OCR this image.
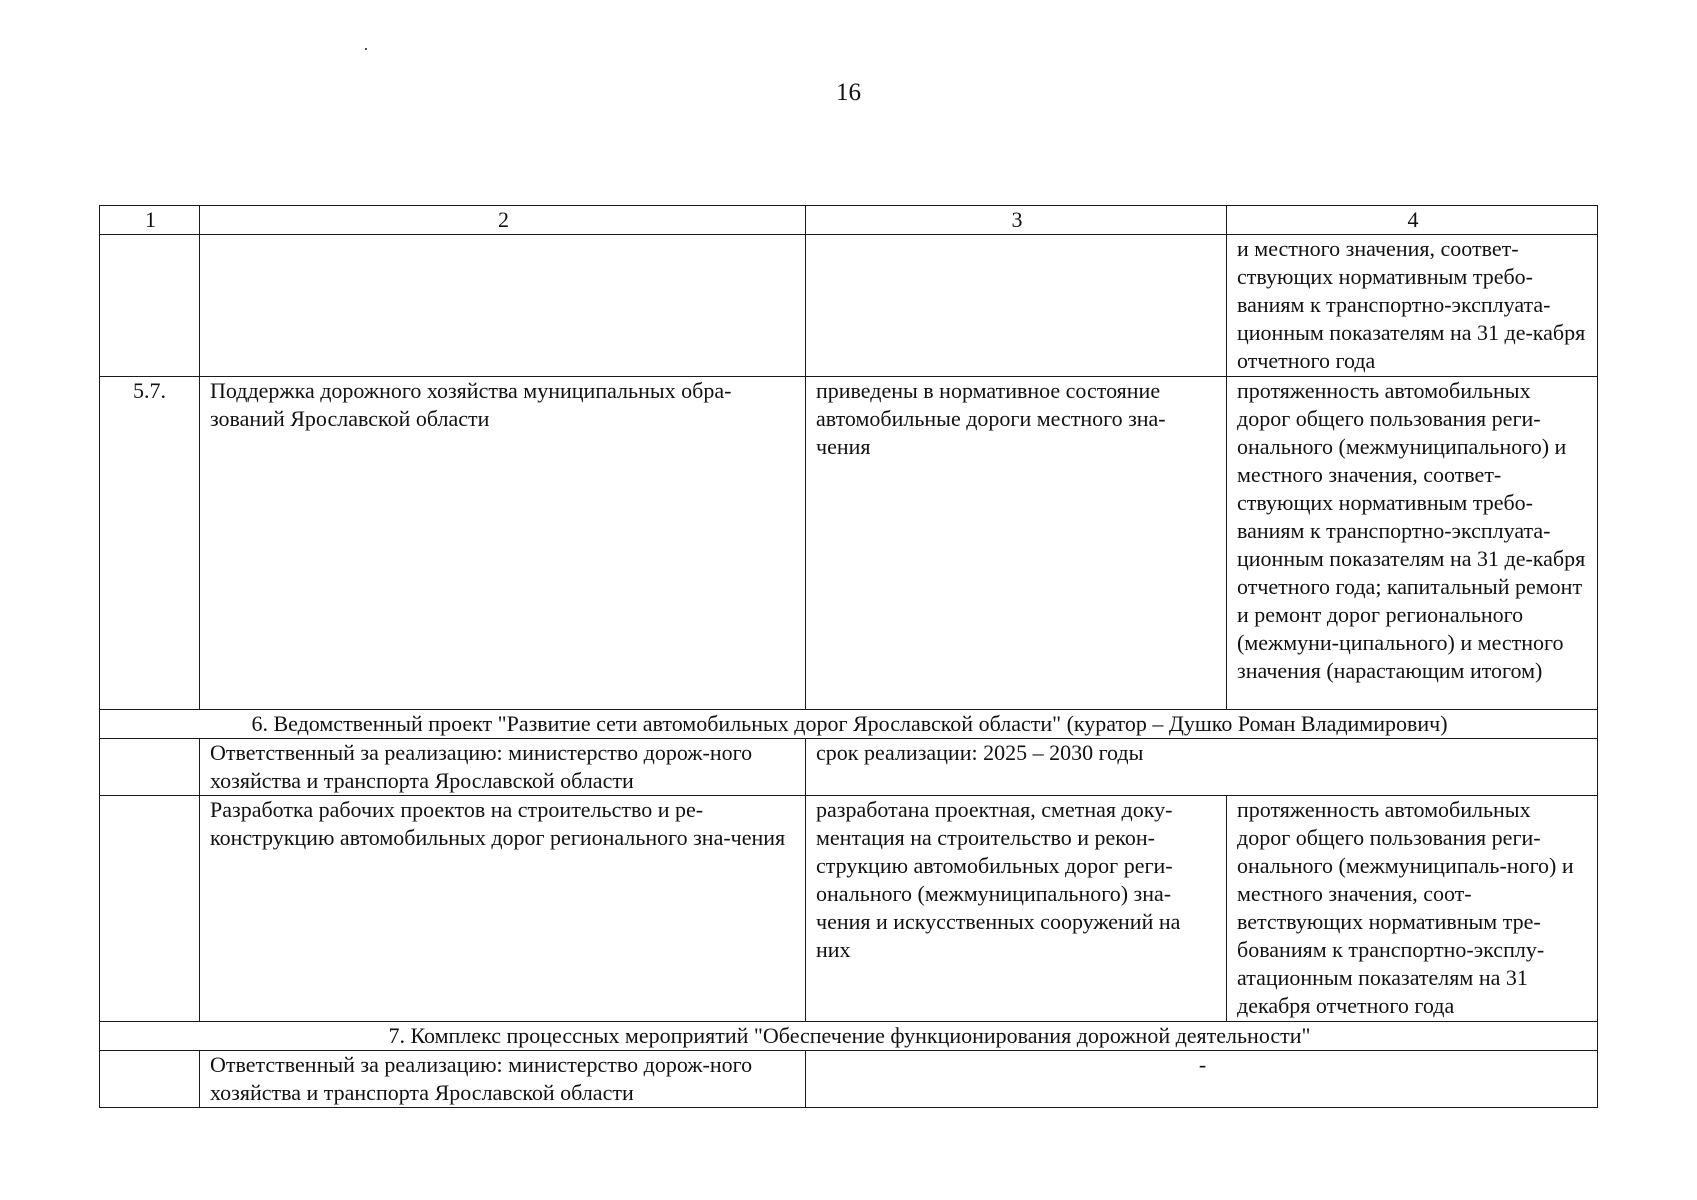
16
1	2	3	4
			и местного значения, соответ-ствующих нормативным требо-ваниям к транспортно-эксплуата-ционным показателям на 31 де-кабря отчетного года
5.7.	Поддержка дорожного хозяйства муниципальных обра-зований Ярославской области	приведены в нормативное состояние автомобильные дороги местного зна-чения	протяженность автомобильных дорог общего пользования реги-онального (межмуниципального) и местного значения, соответ-ствующих нормативным требо-ваниям к транспортно-эксплуата-ционным показателям на 31 де-кабря отчетного года; капитальный ремонт и ремонт дорог регионального (межмуни-ципального) и местного значения (нарастающим итогом)
6. Ведомственный проект "Развитие сети автомобильных дорог Ярославской области" (куратор – Душко Роман Владимирович)			
	Ответственный за реализацию: министерство дорож-ного хозяйства и транспорта Ярославской области	срок реализации: 2025 – 2030 годы	
	Разработка рабочих проектов на строительство и ре-конструкцию автомобильных дорог регионального зна-чения	разработана проектная, сметная доку-ментация на строительство и рекон-струкцию автомобильных дорог реги-онального (межмуниципального) зна-чения и искусственных сооружений на них	протяженность автомобильных дорог общего пользования реги-онального (межмуниципаль-ного) и местного значения, соот-ветствующих нормативным тре-бованиям к транспортно-эксплу-атационным показателям на 31 декабря отчетного года
7. Комплекс процессных мероприятий "Обеспечение функционирования дорожной деятельности"			
	Ответственный за реализацию: министерство дорож-ного хозяйства и транспорта Ярославской области	-	
